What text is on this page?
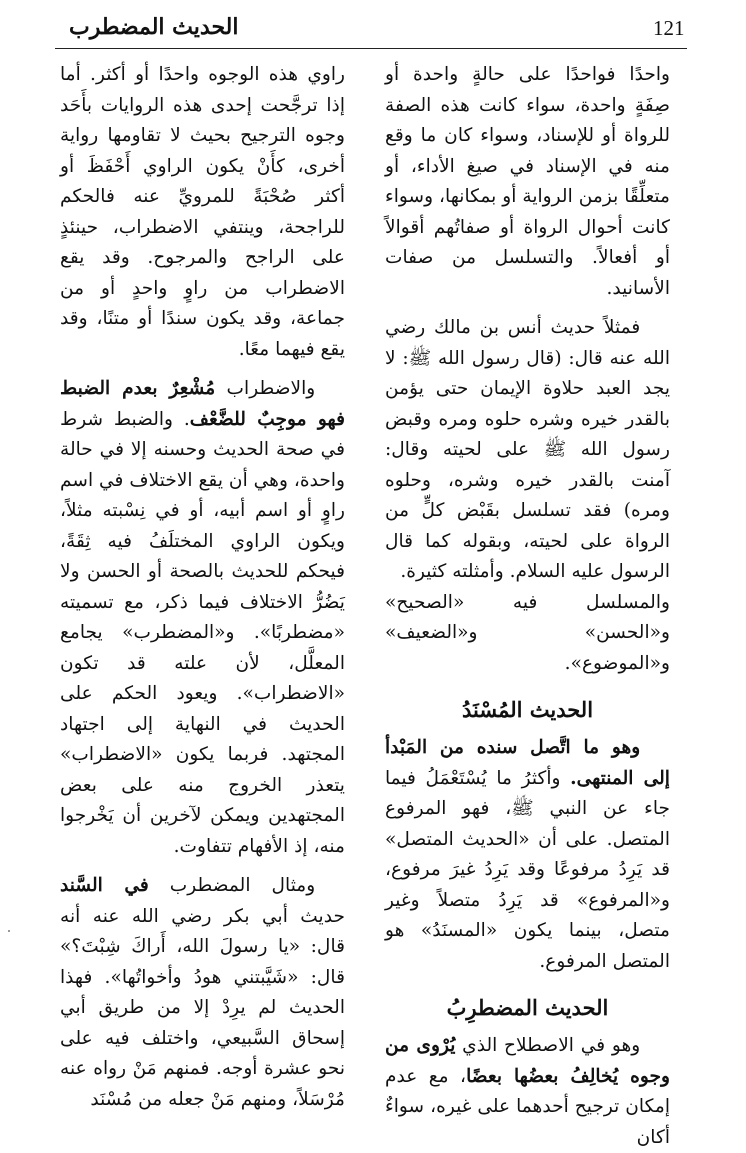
121
الحديث المضطرب

واحدًا فواحدًا على حالةٍ واحدة أو صِفَةٍ واحدة، سواء كانت هذه الصفة للرواة أو للإسناد، وسواء كان ما وقع منه في الإسناد في صيغ الأداء، أو متعلِّقًا بزمن الرواية أو بمكانها، وسواء كانت أحوال الرواة أو صفاتُهم أقوالاً أو أفعالاً. والتسلسل من صفات الأسانيد.

فمثلاً حديث أنس بن مالك رضي الله عنه قال: (قال رسول الله ﷺ: لا يجد العبد حلاوة الإيمان حتى يؤمن بالقدر خيره وشره حلوه ومره وقبض رسول الله ﷺ على لحيته وقال: آمنت بالقدر خيره وشره، وحلوه ومره) فقد تسلسل بقَبْض كلٍّ من الرواة على لحيته، وبقوله كما قال الرسول عليه السلام. وأمثلته كثيرة.

والمسلسل فيه «الصحيح» و«الحسن» و«الضعيف» و«الموضوع».

الحديث المُسْنَدُ

وهو ما اتَّصل سنده من المَبْدأ إلى المنتهى. وأكثرُ ما يُسْتَعْمَلُ فيما جاء عن النبي ﷺ، فهو المرفوع المتصل. على أن «الحديث المتصل» قد يَرِدُ مرفوعًا وقد يَرِدُ غيرَ مرفوع، و«المرفوع» قد يَرِدُ متصلاً وغير متصل، بينما يكون «المسنَدُ» هو المتصل المرفوع.

الحديث المضطرِبُ

وهو في الاصطلاح الذي يُرْوى من وجوه يُخالِفُ بعضُها بعضًا، مع عدم إمكان ترجيح أحدهما على غيره، سواءٌ أكان

راوي هذه الوجوه واحدًا أو أكثر. أما إذا ترجَّحت إحدى هذه الروايات بأَحَد وجوه الترجيح بحيث لا تقاومها رواية أخرى، كأَنْ يكون الراوي أَحْفَظَ أو أكثر صُحْبَةً للمرويِّ عنه فالحكم للراجحة، وينتفي الاضطراب، حينئذٍ على الراجح والمرجوح. وقد يقع الاضطراب من راوٍ واحدٍ أو من جماعة، وقد يكون سندًا أو متنًا، وقد يقع فيهما معًا.

والاضطراب مُشْعِرٌ بعدم الضبط فهو موجِبٌ للضَّعْف. والضبط شرط في صحة الحديث وحسنه إلا في حالة واحدة، وهي أن يقع الاختلاف في اسم راوٍ أو اسم أبيه، أو في نِسْبته مثلاً، ويكون الراوي المختلَفُ فيه ثِقَةً، فيحكم للحديث بالصحة أو الحسن ولا يَضُرُّ الاختلاف فيما ذكر، مع تسميته «مضطربًا». و«المضطرب» يجامع المعلَّل، لأن علته قد تكون «الاضطراب». ويعود الحكم على الحديث في النهاية إلى اجتهاد المجتهد. فربما يكون «الاضطراب» يتعذر الخروج منه على بعض المجتهدين ويمكن لآخرين أن يَخْرجوا منه، إذ الأفهام تتفاوت.

ومثال المضطرب في السَّند حديث أبي بكر رضي الله عنه أنه قال: «يا رسولَ الله، أَراكَ شِبْتَ؟» قال: «شَيَّبتني هودُ وأخواتُها». فهذا الحديث لم يرِدْ إلا من طريق أبي إسحاق السَّبيعي، واختلف فيه على نحو عشرة أوجه. فمنهم مَنْ رواه عنه مُرْسَلاً، ومنهم مَنْ جعله من مُسْنَد
